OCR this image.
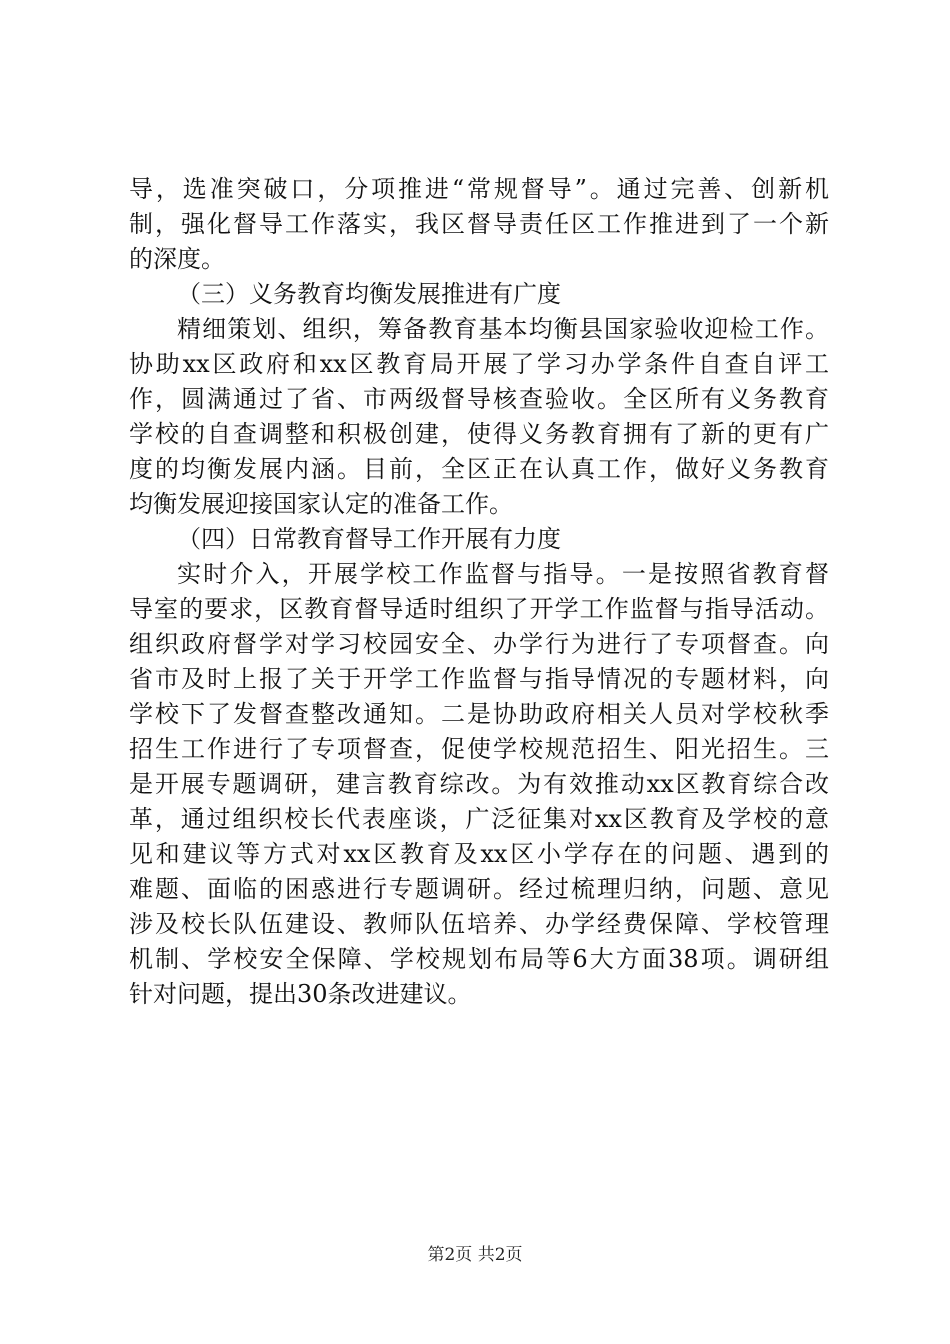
导，选准突破口，分项推进“常规督导”。通过完善、创新机
制，强化督导工作落实，我区督导责任区工作推进到了一个新
的深度。
（三）义务教育均衡发展推进有广度
精细策划、组织，筹备教育基本均衡县国家验收迎检工作。
协助xx区政府和xx区教育局开展了学习办学条件自查自评工
作，圆满通过了省、市两级督导核查验收。全区所有义务教育
学校的自查调整和积极创建，使得义务教育拥有了新的更有广
度的均衡发展内涵。目前，全区正在认真工作，做好义务教育
均衡发展迎接国家认定的准备工作。
（四）日常教育督导工作开展有力度
实时介入，开展学校工作监督与指导。一是按照省教育督
导室的要求，区教育督导适时组织了开学工作监督与指导活动。
组织政府督学对学习校园安全、办学行为进行了专项督查。向
省市及时上报了关于开学工作监督与指导情况的专题材料，向
学校下了发督查整改通知。二是协助政府相关人员对学校秋季
招生工作进行了专项督查，促使学校规范招生、阳光招生。三
是开展专题调研，建言教育综改。为有效推动xx区教育综合改
革，通过组织校长代表座谈，广泛征集对xx区教育及学校的意
见和建议等方式对xx区教育及xx区小学存在的问题、遇到的
难题、面临的困惑进行专题调研。经过梳理归纳，问题、意见
涉及校长队伍建设、教师队伍培养、办学经费保障、学校管理
机制、学校安全保障、学校规划布局等6大方面38项。调研组
针对问题，提出30条改进建议。
第2页 共2页
